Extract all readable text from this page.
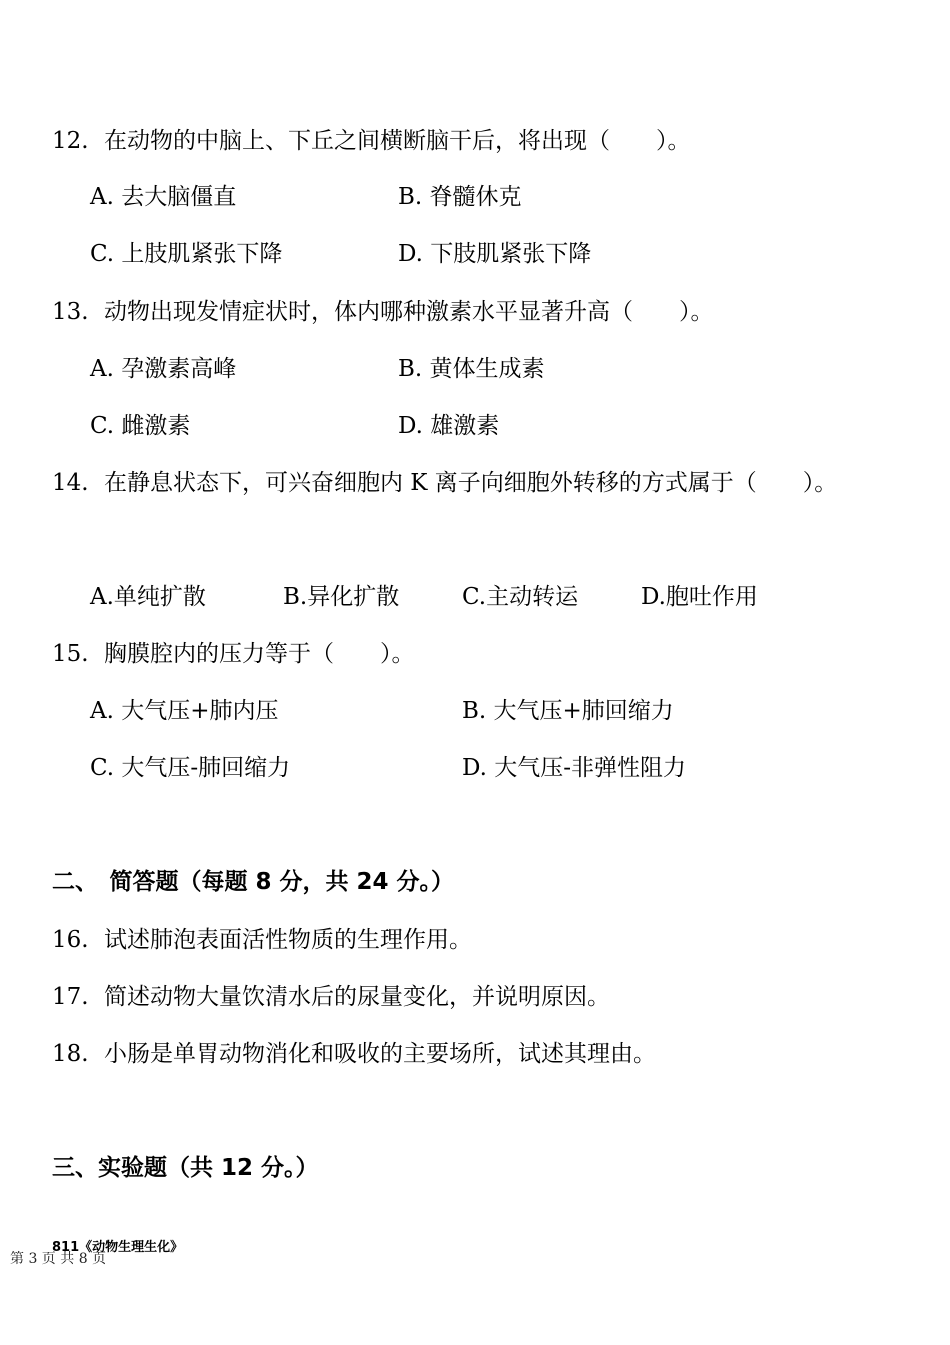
12. 在动物的中脑上、下丘之间横断脑干后，将出现（　　）。
A. 去大脑僵直	B. 脊髓休克
C. 上肢肌紧张下降	D. 下肢肌紧张下降
13. 动物出现发情症状时，体内哪种激素水平显著升高（　　）。
A. 孕激素高峰	B. 黄体生成素
C. 雌激素	D. 雄激素
14. 在静息状态下，可兴奋细胞内 K 离子向细胞外转移的方式属于（　　）。
A.单纯扩散	B.异化扩散	C.主动转运	D.胞吐作用
15. 胸膜腔内的压力等于（　　）。
A. 大气压+肺内压	B. 大气压+肺回缩力
C. 大气压-肺回缩力	D. 大气压-非弹性阻力
二、　简答题（每题 8 分，共 24 分。）
16. 试述肺泡表面活性物质的生理作用。
17. 简述动物大量饮清水后的尿量变化，并说明原因。
18. 小肠是单胃动物消化和吸收的主要场所，试述其理由。
三、实验题（共 12 分。）
811《动物生理生化》
第 3 页 共 8 页
